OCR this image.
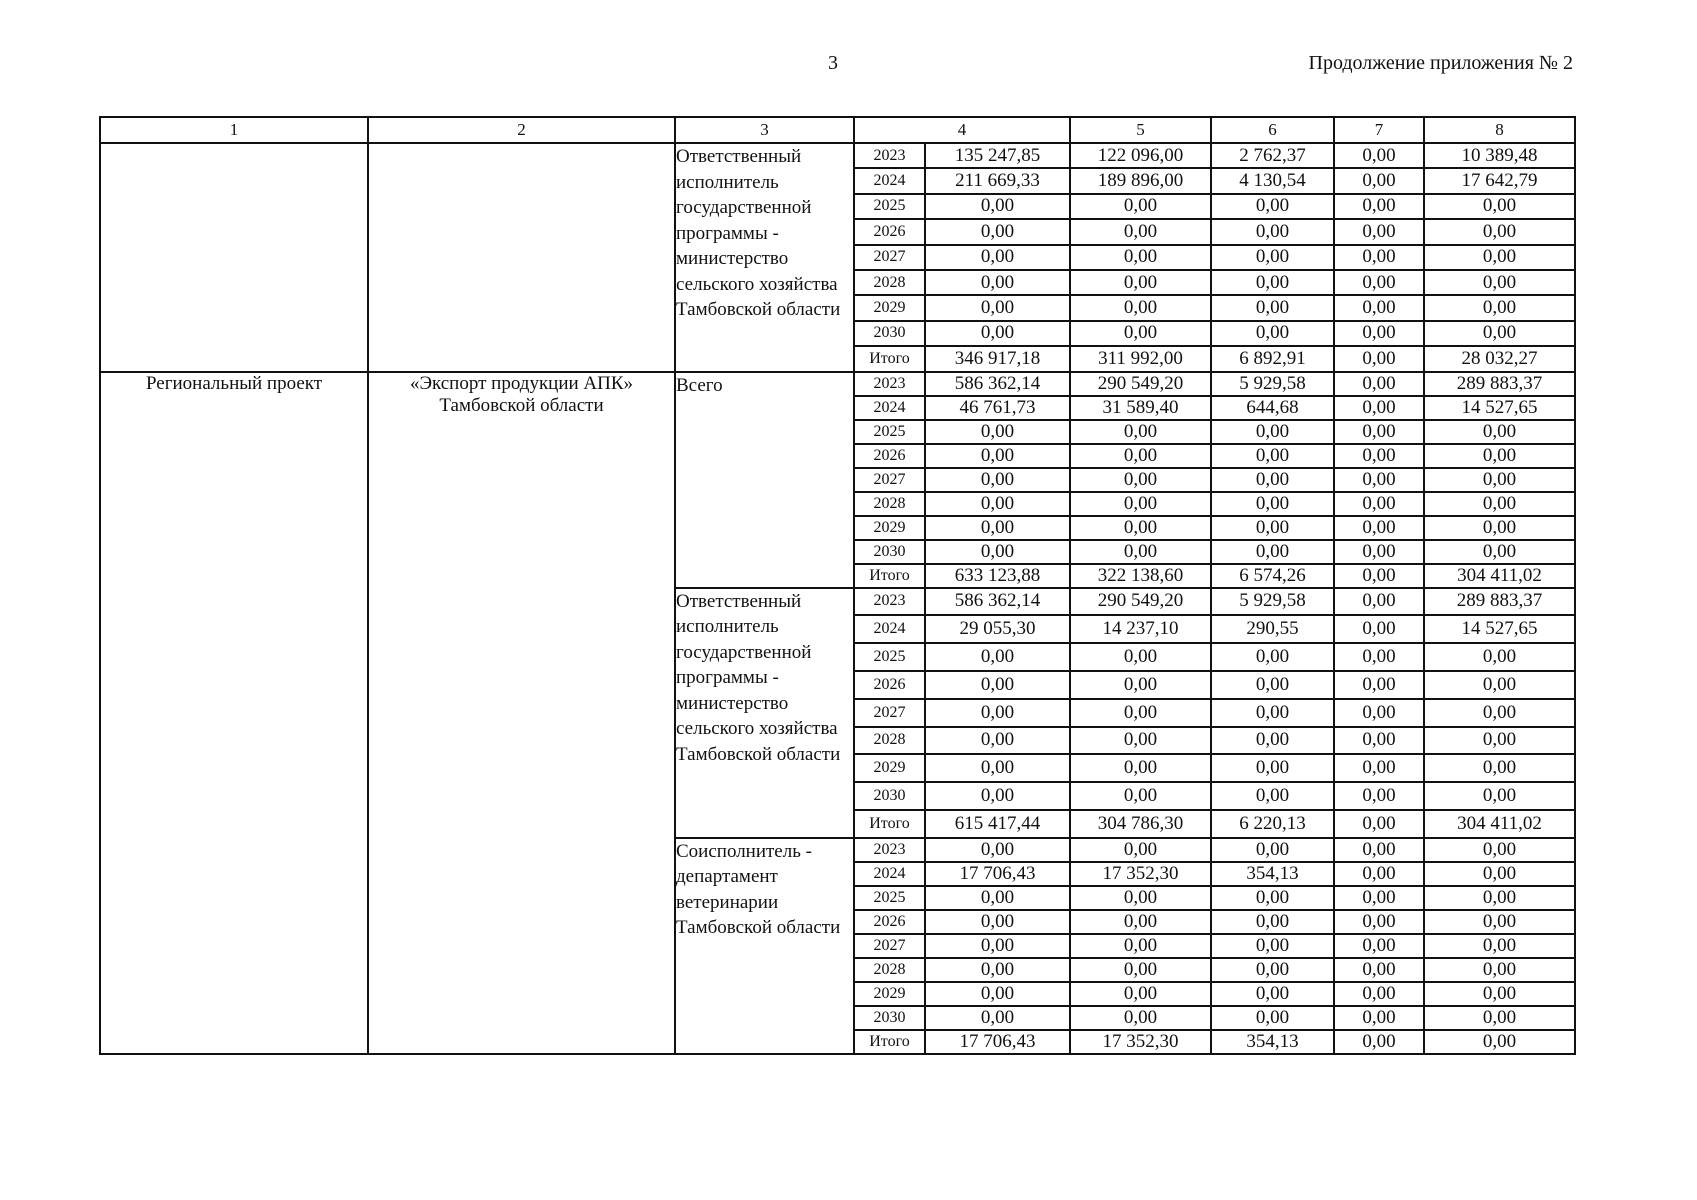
3	Продолжение приложения № 2
1	2	3	4		5	6	7	8
		Ответственный исполнитель государственной программы - министерство сельского хозяйства Тамбовской области	2023	135 247,85	122 096,00	2 762,37	0,00	10 389,48
			2024	211 669,33	189 896,00	4 130,54	0,00	17 642,79
			2025	0,00	0,00	0,00	0,00	0,00
			2026	0,00	0,00	0,00	0,00	0,00
			2027	0,00	0,00	0,00	0,00	0,00
			2028	0,00	0,00	0,00	0,00	0,00
			2029	0,00	0,00	0,00	0,00	0,00
			2030	0,00	0,00	0,00	0,00	0,00
			Итого	346 917,18	311 992,00	6 892,91	0,00	28 032,27
Региональный проект	«Экспорт продукции АПК» Тамбовской области	Всего	2023	586 362,14	290 549,20	5 929,58	0,00	289 883,37
			2024	46 761,73	31 589,40	644,68	0,00	14 527,65
			2025	0,00	0,00	0,00	0,00	0,00
			2026	0,00	0,00	0,00	0,00	0,00
			2027	0,00	0,00	0,00	0,00	0,00
			2028	0,00	0,00	0,00	0,00	0,00
			2029	0,00	0,00	0,00	0,00	0,00
			2030	0,00	0,00	0,00	0,00	0,00
			Итого	633 123,88	322 138,60	6 574,26	0,00	304 411,02
		Ответственный исполнитель государственной программы - министерство сельского хозяйства Тамбовской области	2023	586 362,14	290 549,20	5 929,58	0,00	289 883,37
			2024	29 055,30	14 237,10	290,55	0,00	14 527,65
			2025	0,00	0,00	0,00	0,00	0,00
			2026	0,00	0,00	0,00	0,00	0,00
			2027	0,00	0,00	0,00	0,00	0,00
			2028	0,00	0,00	0,00	0,00	0,00
			2029	0,00	0,00	0,00	0,00	0,00
			2030	0,00	0,00	0,00	0,00	0,00
			Итого	615 417,44	304 786,30	6 220,13	0,00	304 411,02
		Соисполнитель - департамент ветеринарии Тамбовской области	2023	0,00	0,00	0,00	0,00	0,00
			2024	17 706,43	17 352,30	354,13	0,00	0,00
			2025	0,00	0,00	0,00	0,00	0,00
			2026	0,00	0,00	0,00	0,00	0,00
			2027	0,00	0,00	0,00	0,00	0,00
			2028	0,00	0,00	0,00	0,00	0,00
			2029	0,00	0,00	0,00	0,00	0,00
			2030	0,00	0,00	0,00	0,00	0,00
			Итого	17 706,43	17 352,30	354,13	0,00	0,00
